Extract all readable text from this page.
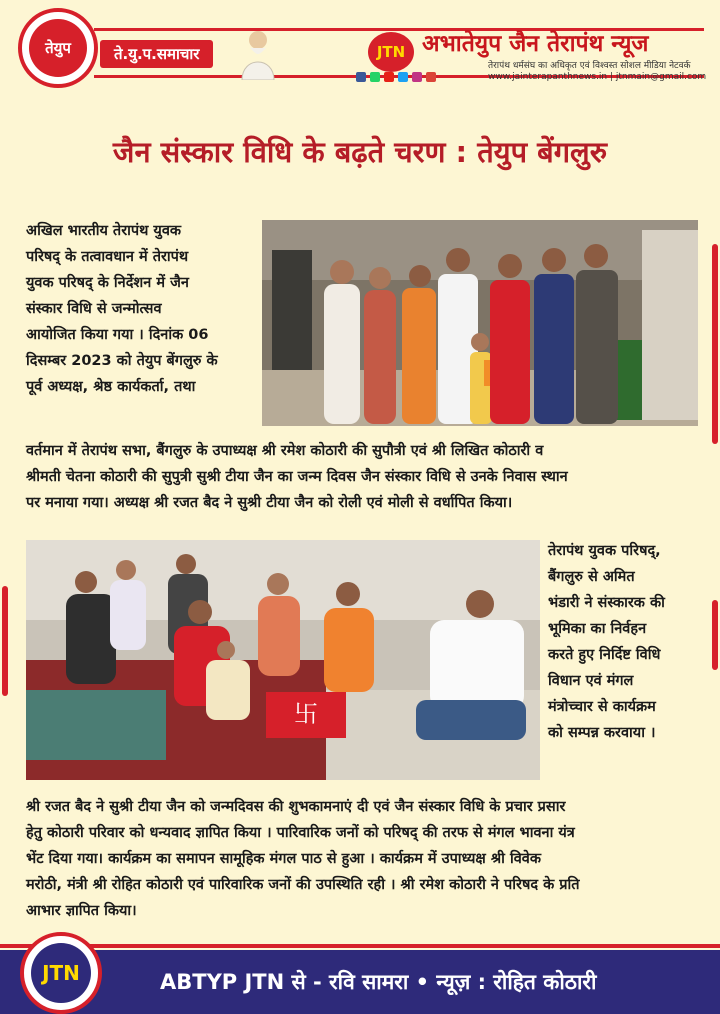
तेयुप	ते.यु.प.समाचार	JTN अभातेयुप जैन तेरापंथ न्यूज
तेरापंथ धर्मसंघ का अधिकृत एवं विश्वस्त सोशल मीडिया नेटवर्क
www.jainterapanthnews.in | jtnmain@gmail.com
जैन संस्कार विधि के बढ़ते चरण : तेयुप बेंगलुरु
अखिल भारतीय तेरापंथ युवक
परिषद् के तत्वावधान में तेरापंथ
युवक परिषद् के निर्देशन में जैन
संस्कार विधि से जन्मोत्सव
आयोजित किया गया । दिनांक 06
दिसम्बर 2023 को तेयुप बेंगलुरु के
पूर्व अध्यक्ष, श्रेष्ठ कार्यकर्ता, तथा
वर्तमान में तेरापंथ सभा, बैंगलुरु के उपाध्यक्ष श्री रमेश कोठारी की सुपौत्री एवं श्री लिखित कोठारी व
श्रीमती चेतना कोठारी की सुपुत्री सुश्री टीया जैन का जन्म दिवस जैन संस्कार विधि से उनके निवास स्थान
पर मनाया गया। अध्यक्ष श्री रजत बैद ने सुश्री टीया जैन को रोली एवं मोली से वर्धापित किया।
卐
तेरापंथ युवक परिषद्,
बैंगलुरु से अमित
भंडारी ने संस्कारक की
भूमिका का निर्वहन
करते हुए निर्दिष्ट विधि
विधान एवं मंगल
मंत्रोच्चार से कार्यक्रम
को सम्पन्न करवाया ।
श्री रजत बैद ने सुश्री टीया जैन को जन्मदिवस की शुभकामनाएं दी एवं जैन संस्कार विधि के प्रचार प्रसार
हेतु कोठारी परिवार को धन्यवाद ज्ञापित किया । पारिवारिक जनों को परिषद् की तरफ से मंगल भावना यंत्र
भेंट दिया गया। कार्यक्रम का समापन सामूहिक मंगल पाठ से हुआ । कार्यक्रम में उपाध्यक्ष श्री विवेक
मरोठी, मंत्री श्री रोहित कोठारी एवं पारिवारिक जनों की उपस्थिति रही । श्री रमेश कोठारी ने परिषद के प्रति
आभार ज्ञापित किया।
JTN	ABTYP JTN से - रवि सामरा • न्यूज़ : रोहित कोठारी
